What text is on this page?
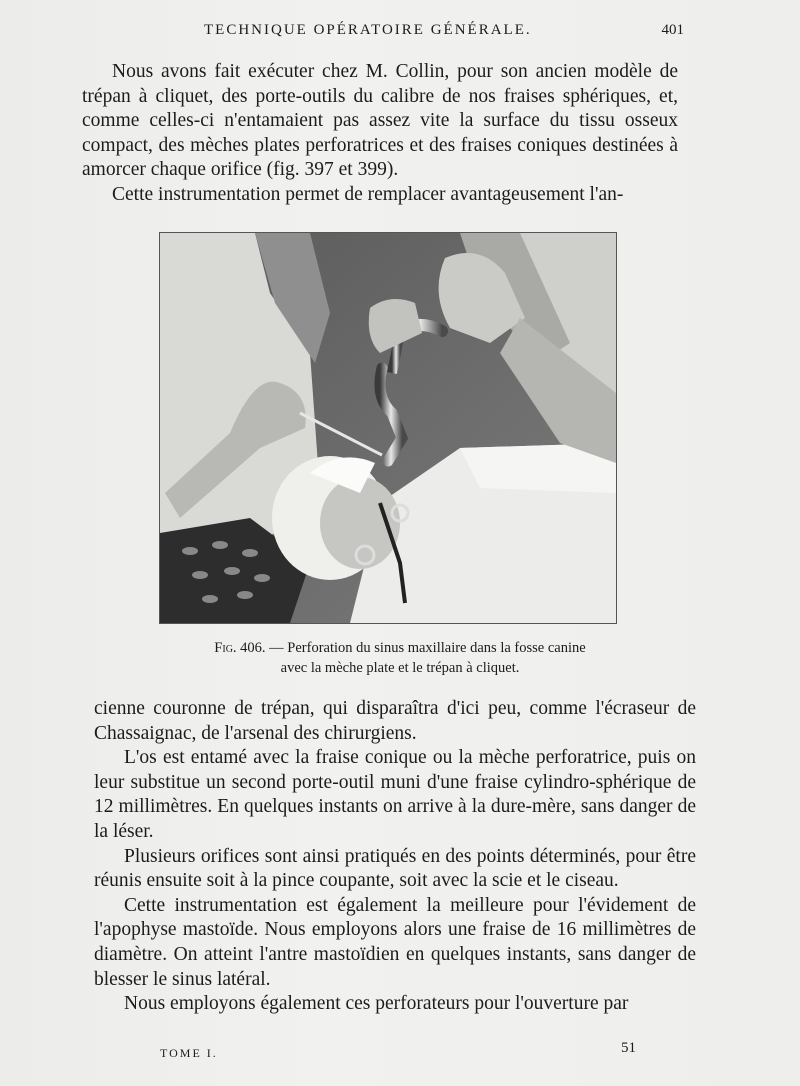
TECHNIQUE OPÉRATOIRE GÉNÉRALE.	401

Nous avons fait exécuter chez M. Collin, pour son ancien modèle de trépan à cliquet, des porte-outils du calibre de nos fraises sphériques, et, comme celles-ci n'entamaient pas assez vite la surface du tissu osseux compact, des mèches plates perforatrices et des fraises coniques destinées à amorcer chaque orifice (fig. 397 et 399).

Cette instrumentation permet de remplacer avantageusement l'an-

Fig. 406. — Perforation du sinus maxillaire dans la fosse canine
avec la mèche plate et le trépan à cliquet.

cienne couronne de trépan, qui disparaîtra d'ici peu, comme l'écraseur de Chassaignac, de l'arsenal des chirurgiens.

L'os est entamé avec la fraise conique ou la mèche perforatrice, puis on leur substitue un second porte-outil muni d'une fraise cylindro-sphérique de 12 millimètres. En quelques instants on arrive à la dure-mère, sans danger de la léser.

Plusieurs orifices sont ainsi pratiqués en des points déterminés, pour être réunis ensuite soit à la pince coupante, soit avec la scie et le ciseau.

Cette instrumentation est également la meilleure pour l'évidement de l'apophyse mastoïde. Nous employons alors une fraise de 16 millimètres de diamètre. On atteint l'antre mastoïdien en quelques instants, sans danger de blesser le sinus latéral.

Nous employons également ces perforateurs pour l'ouverture par

TOME I.	51
